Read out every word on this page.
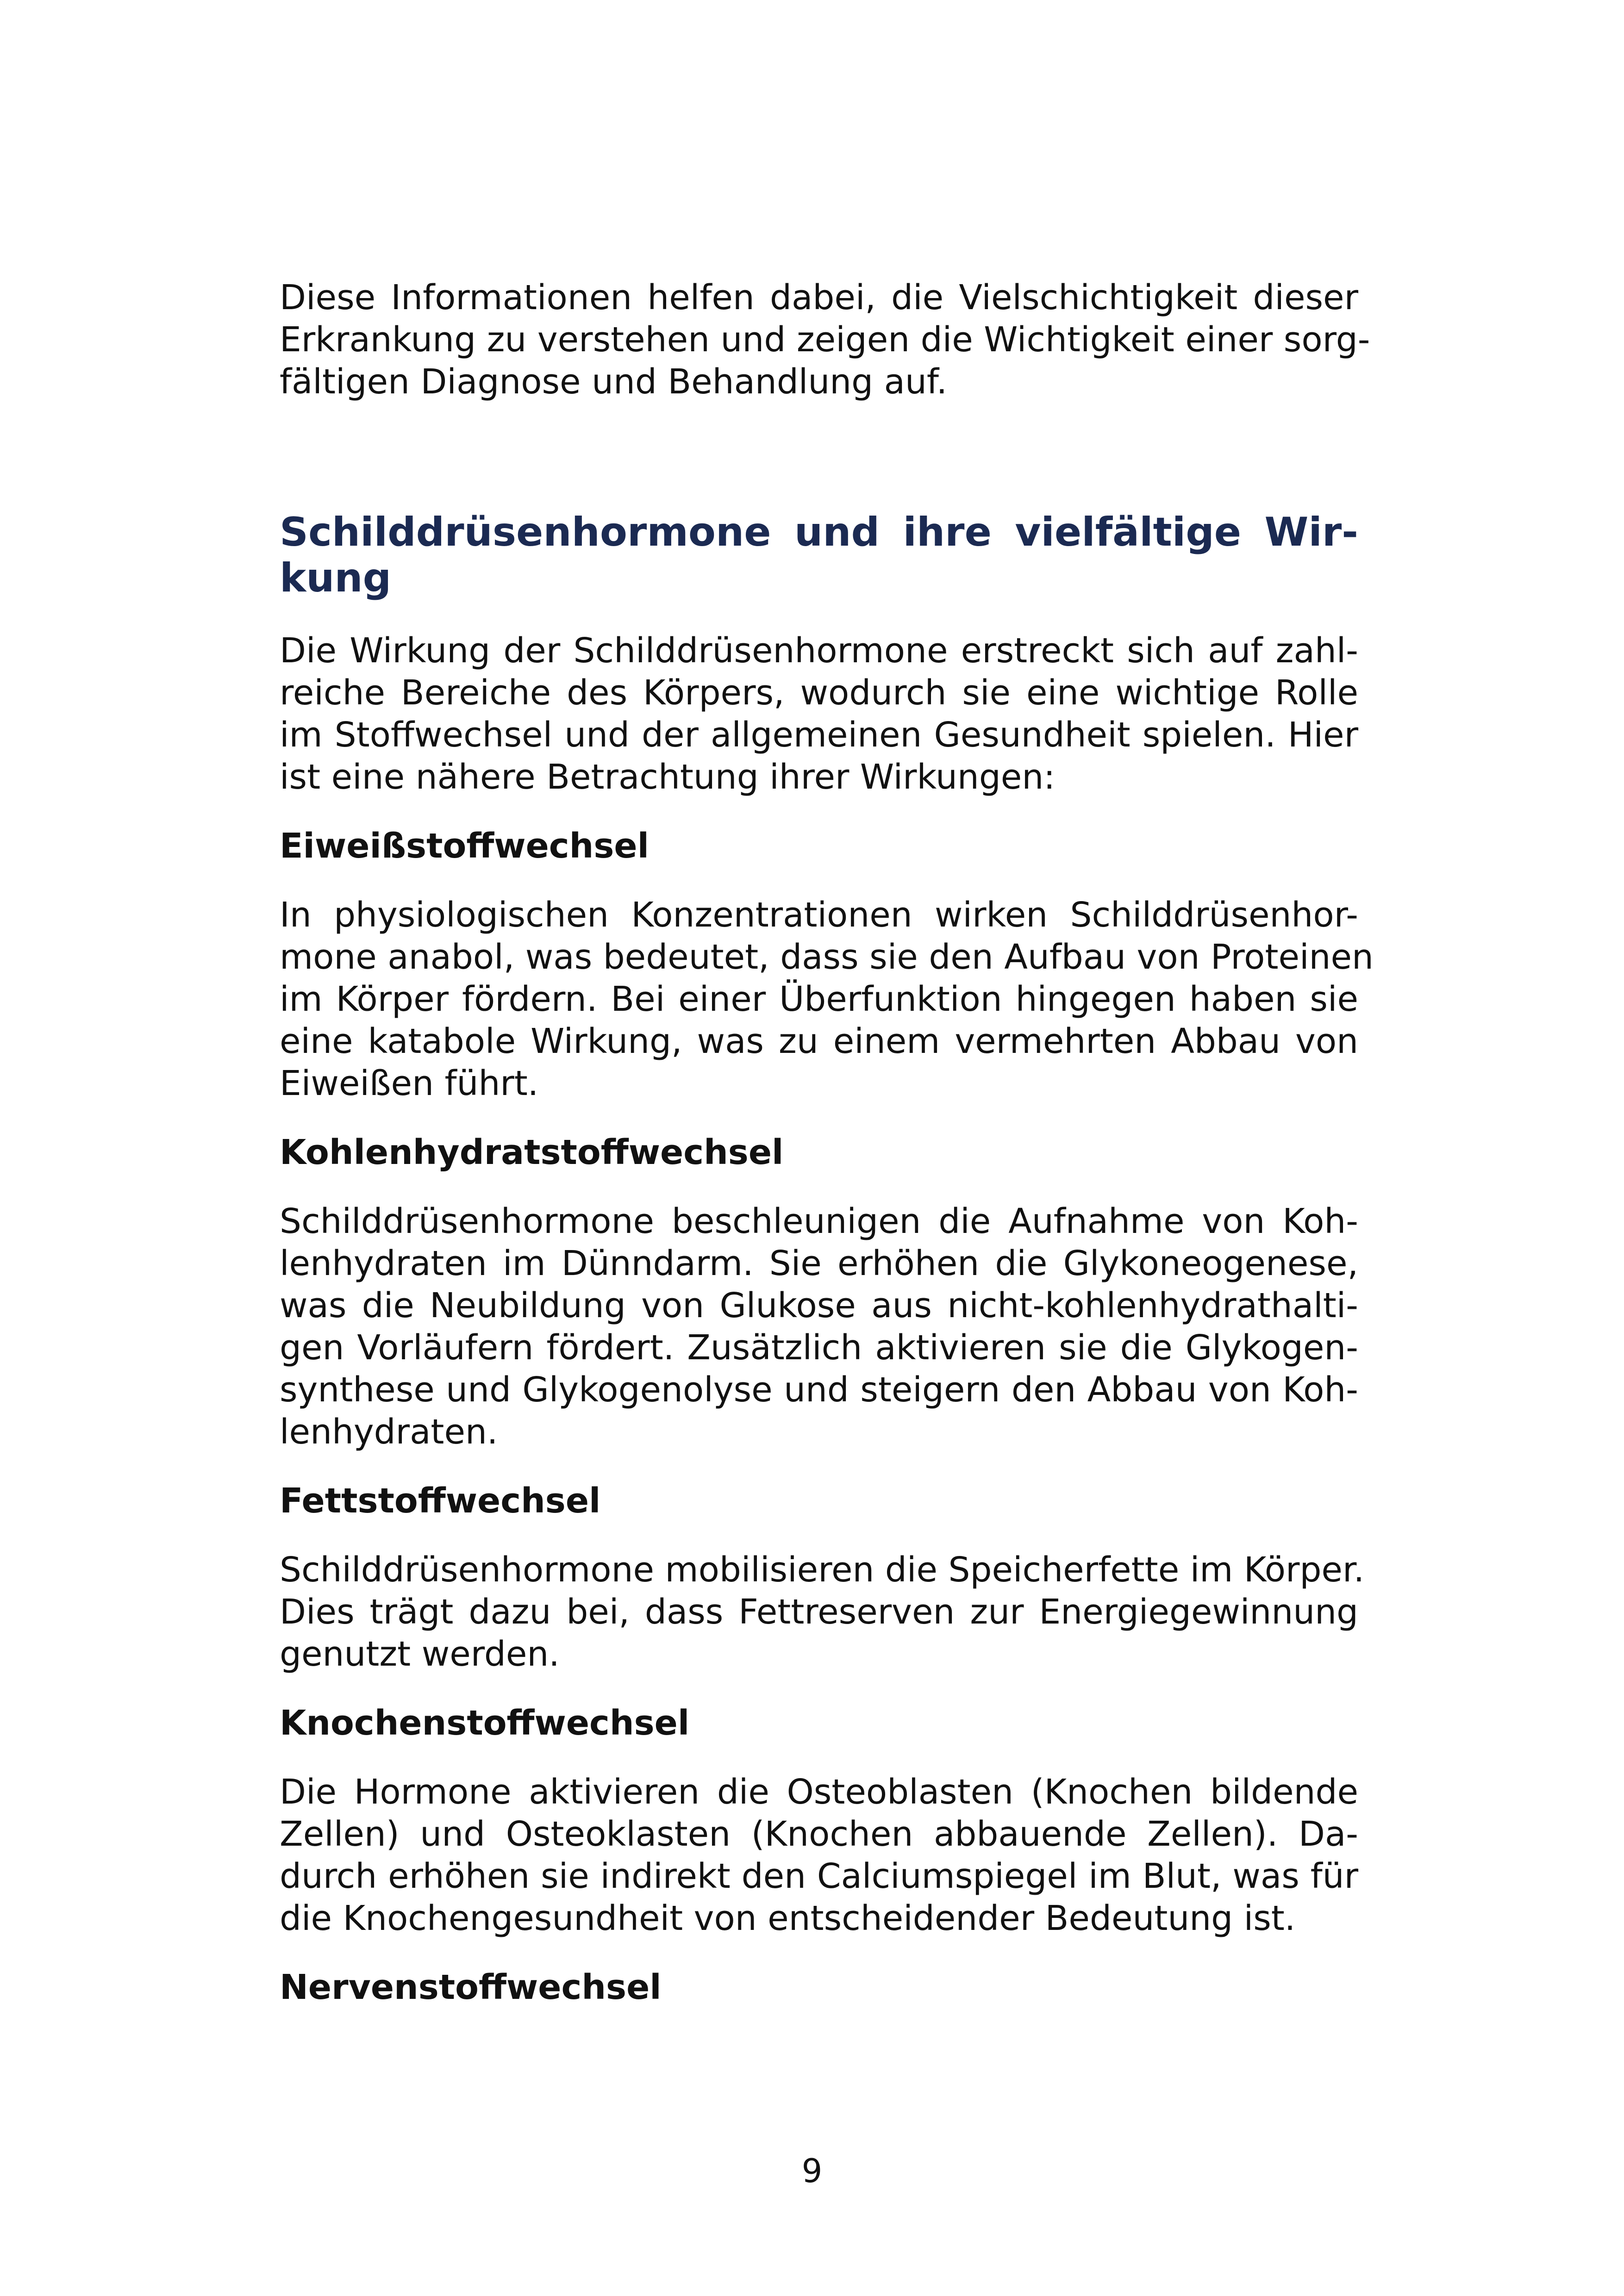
Diese Informationen helfen dabei, die Vielschichtigkeit dieser
Erkrankung zu verstehen und zeigen die Wichtigkeit einer sorg-
fältigen Diagnose und Behandlung auf.
Schilddrüsenhormone und ihre vielfältige Wir-
kung
Die Wirkung der Schilddrüsenhormone erstreckt sich auf zahl-
reiche Bereiche des Körpers, wodurch sie eine wichtige Rolle
im Stoffwechsel und der allgemeinen Gesundheit spielen. Hier
ist eine nähere Betrachtung ihrer Wirkungen:
Eiweißstoffwechsel
In physiologischen Konzentrationen wirken Schilddrüsenhor-
mone anabol, was bedeutet, dass sie den Aufbau von Proteinen
im Körper fördern. Bei einer Überfunktion hingegen haben sie
eine katabole Wirkung, was zu einem vermehrten Abbau von
Eiweißen führt.
Kohlenhydratstoffwechsel
Schilddrüsenhormone beschleunigen die Aufnahme von Koh-
lenhydraten im Dünndarm. Sie erhöhen die Glykoneogenese,
was die Neubildung von Glukose aus nicht-kohlenhydrathalti-
gen Vorläufern fördert. Zusätzlich aktivieren sie die Glykogen-
synthese und Glykogenolyse und steigern den Abbau von Koh-
lenhydraten.
Fettstoffwechsel
Schilddrüsenhormone mobilisieren die Speicherfette im Körper.
Dies trägt dazu bei, dass Fettreserven zur Energiegewinnung
genutzt werden.
Knochenstoffwechsel
Die Hormone aktivieren die Osteoblasten (Knochen bildende
Zellen) und Osteoklasten (Knochen abbauende Zellen). Da-
durch erhöhen sie indirekt den Calciumspiegel im Blut, was für
die Knochengesundheit von entscheidender Bedeutung ist.
Nervenstoffwechsel
9
